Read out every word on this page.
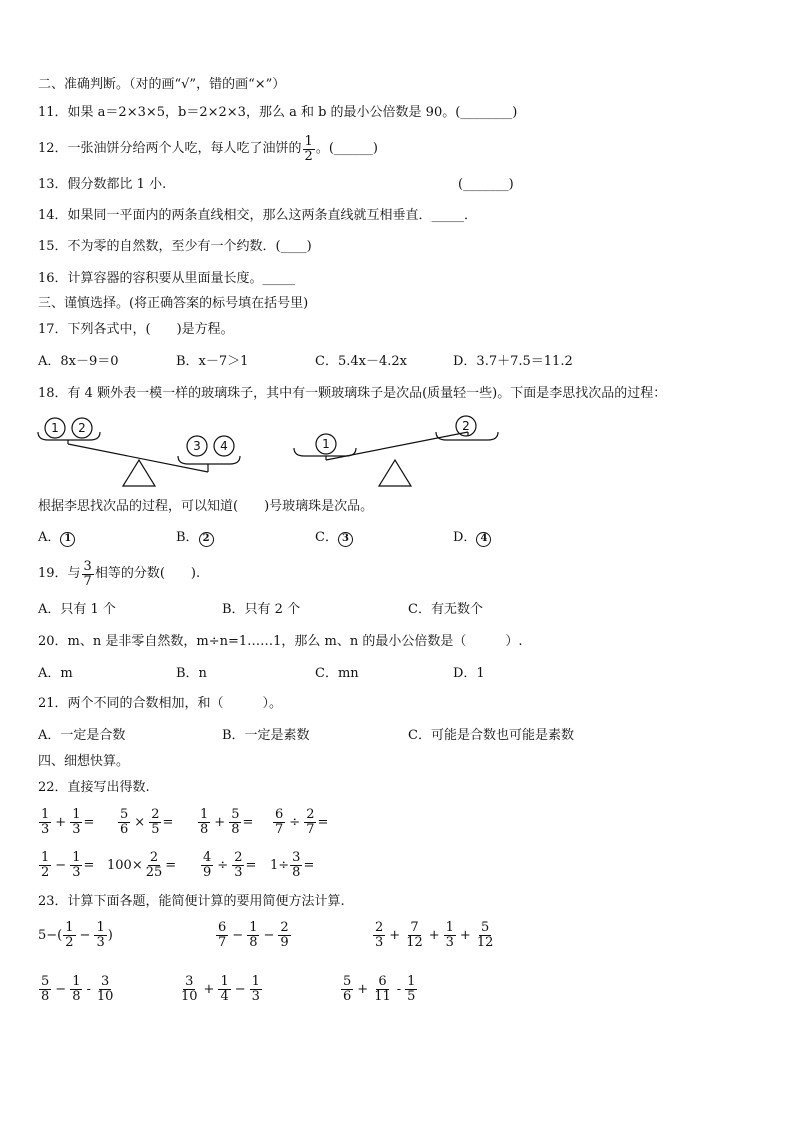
二、准确判断。（对的画“√”，错的画“×”）
11．如果 a＝2×3×5，b＝2×2×3，那么 a 和 b 的最小公倍数是 90。(________)
12．一张油饼分给两个人吃，每人吃了油饼的 $\frac{1}{2}$ 。(______)
13．假分数都比 1 小.	(_______)
14．如果同一平面内的两条直线相交，那么这两条直线就互相垂直．_____．
15．不为零的自然数，至少有一个约数．(____)
16．计算容器的容积要从里面量长度。_____
三、谨慎选择。(将正确答案的标号填在括号里)
17．下列各式中，(　　)是方程。
A．8x－9＝0	B．x－7＞1	C．5.4x－4.2x	D．3.7＋7.5＝11.2
18．有 4 颗外表一模一样的玻璃珠子，其中有一颗玻璃珠子是次品(质量轻一些)。下面是李思找次品的过程：
1 2
3 4	1
2
根据李思找次品的过程，可以知道(　　)号玻璃珠是次品。
A． 1	B． 2	C． 3	D． 4
19．与 $\frac{3}{7}$ 相等的分数(　　).
A．只有 1 个	B．只有 2 个	C．有无数个
20．m、n 是非零自然数，m÷n=1……1，那么 m、n 的最小公倍数是（　　　）.
A．m	B．n	C．mn	D．1
21．两个不同的合数相加，和（　　　）。
A．一定是合数	B．一定是素数	C．可能是合数也可能是素数
四、细想快算。
22．直接写出得数.
$\frac{1}{3} + \frac{1}{3} = \frac{5}{6} \times \frac{2}{5} = \frac{1}{8} + \frac{5}{8} = \frac{6}{7} \div \frac{2}{7}$ =
$\frac{1}{2} - \frac{1}{3} = 100\times \frac{2}{25} = \frac{4}{9} \div \frac{2}{3} = 1\div \frac{3}{8}$ =
23．计算下面各题，能简便计算的要用简便方法计算.
$5-( \frac{1}{2} - \frac{1}{3}$ )	$\frac{6}{7} - \frac{1}{8} - \frac{2}{9}$	$\frac{2}{3} + \frac{7}{12} + \frac{1}{3} + \frac{5}{12}$
$\frac{5}{8} - \frac{1}{8} - \frac{3}{10}$	$\frac{3}{10} + \frac{1}{4} - \frac{1}{3}$	$\frac{5}{6} + \frac{6}{11} - \frac{1}{5}$
